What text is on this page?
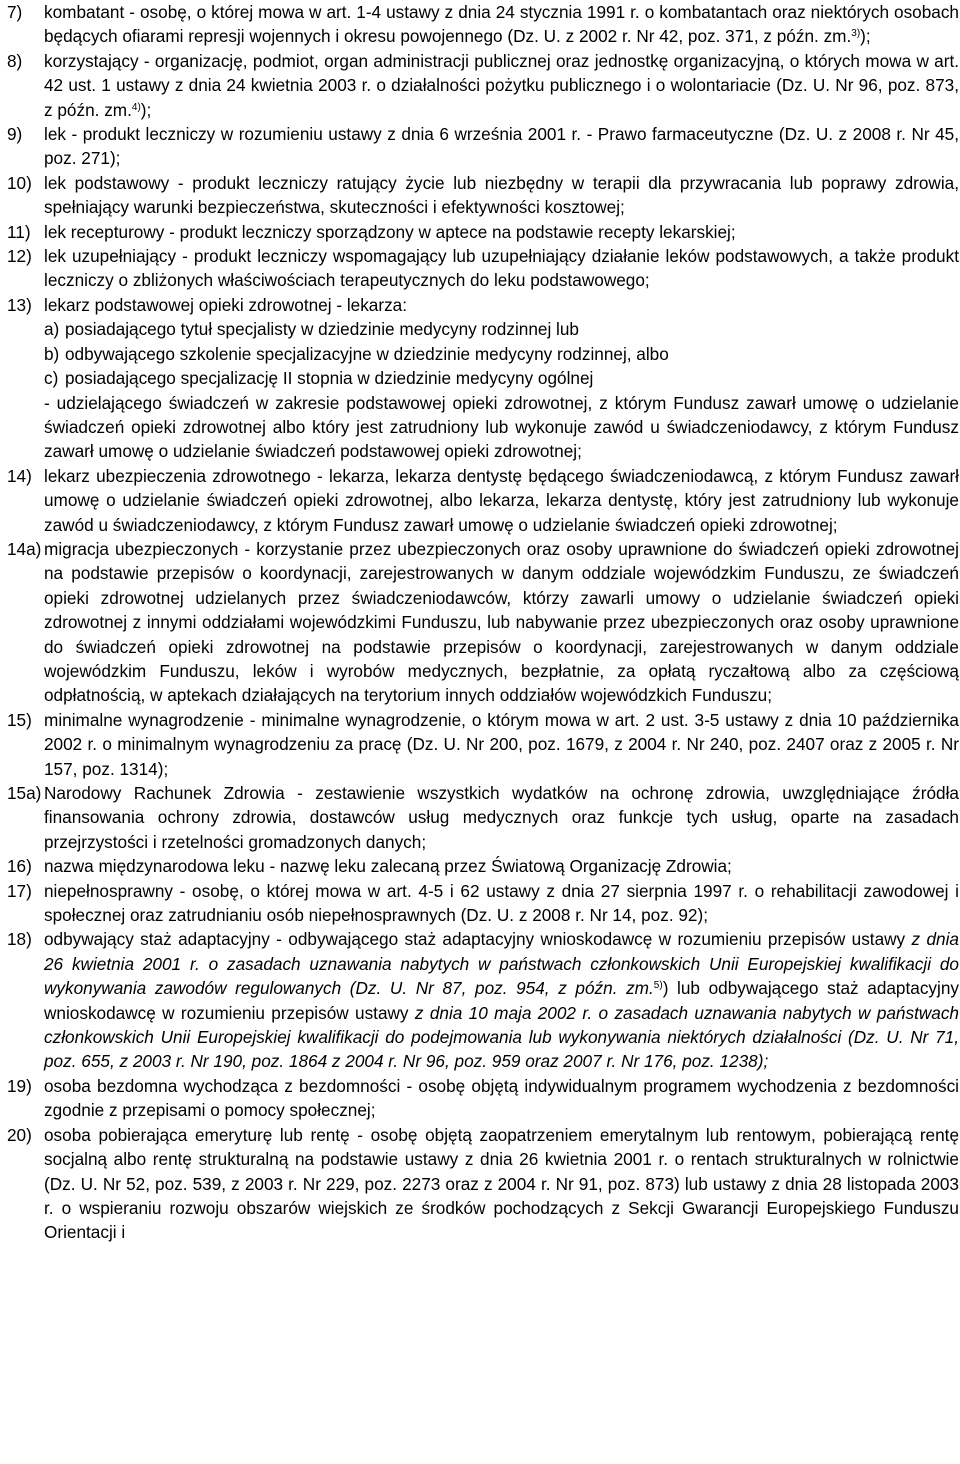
7)	kombatant - osobę, o której mowa w art. 1-4 ustawy z dnia 24 stycznia 1991 r. o kombatantach oraz niektórych osobach będących ofiarami represji wojennych i okresu powojennego (Dz. U. z 2002 r. Nr 42, poz. 371, z późn. zm.$^{3)}$);
8)	korzystający - organizację, podmiot, organ administracji publicznej oraz jednostkę organizacyjną, o których mowa w art. 42 ust. 1 ustawy z dnia 24 kwietnia 2003 r. o działalności pożytku publicznego i o wolontariacie (Dz. U. Nr 96, poz. 873, z późn. zm.$^{4)}$);
9)	lek - produkt leczniczy w rozumieniu ustawy z dnia 6 września 2001 r. - Prawo farmaceutyczne (Dz. U. z 2008 r. Nr 45, poz. 271);
10) lek podstawowy - produkt leczniczy ratujący życie lub niezbędny w terapii dla przywracania lub poprawy zdrowia, spełniający warunki bezpieczeństwa, skuteczności i efektywności kosztowej;
11) lek recepturowy - produkt leczniczy sporządzony w aptece na podstawie recepty lekarskiej;
12) lek uzupełniający - produkt leczniczy wspomagający lub uzupełniający działanie leków podstawowych, a także produkt leczniczy o zbliżonych właściwościach terapeutycznych do leku podstawowego;
13) lekarz podstawowej opieki zdrowotnej - lekarza:
a) posiadającego tytuł specjalisty w dziedzinie medycyny rodzinnej lub
b) odbywającego szkolenie specjalizacyjne w dziedzinie medycyny rodzinnej, albo
c) posiadającego specjalizację II stopnia w dziedzinie medycyny ogólnej
- udzielającego świadczeń w zakresie podstawowej opieki zdrowotnej, z którym Fundusz zawarł umowę o udzielanie świadczeń opieki zdrowotnej albo który jest zatrudniony lub wykonuje zawód u świadczeniodawcy, z którym Fundusz zawarł umowę o udzielanie świadczeń podstawowej opieki zdrowotnej;
14) lekarz ubezpieczenia zdrowotnego - lekarza, lekarza dentystę będącego świadczeniodawcą, z którym Fundusz zawarł umowę o udzielanie świadczeń opieki zdrowotnej, albo lekarza, lekarza dentystę, który jest zatrudniony lub wykonuje zawód u świadczeniodawcy, z którym Fundusz zawarł umowę o udzielanie świadczeń opieki zdrowotnej;
14a) migracja ubezpieczonych - korzystanie przez ubezpieczonych oraz osoby uprawnione do świadczeń opieki zdrowotnej na podstawie przepisów o koordynacji, zarejestrowanych w danym oddziale wojewódzkim Funduszu, ze świadczeń opieki zdrowotnej udzielanych przez świadczeniodawców, którzy zawarli umowy o udzielanie świadczeń opieki zdrowotnej z innymi oddziałami wojewódzkimi Funduszu, lub nabywanie przez ubezpieczonych oraz osoby uprawnione do świadczeń opieki zdrowotnej na podstawie przepisów o koordynacji, zarejestrowanych w danym oddziale wojewódzkim Funduszu, leków i wyrobów medycznych, bezpłatnie, za opłatą ryczałtową albo za częściową odpłatnością, w aptekach działających na terytorium innych oddziałów wojewódzkich Funduszu;
15) minimalne wynagrodzenie - minimalne wynagrodzenie, o którym mowa w art. 2 ust. 3-5 ustawy z dnia 10 października 2002 r. o minimalnym wynagrodzeniu za pracę (Dz. U. Nr 200, poz. 1679, z 2004 r. Nr 240, poz. 2407 oraz z 2005 r. Nr 157, poz. 1314);
15a) Narodowy Rachunek Zdrowia - zestawienie wszystkich wydatków na ochronę zdrowia, uwzględniające źródła finansowania ochrony zdrowia, dostawców usług medycznych oraz funkcje tych usług, oparte na zasadach przejrzystości i rzetelności gromadzonych danych;
16) nazwa międzynarodowa leku - nazwę leku zalecaną przez Światową Organizację Zdrowia;
17) niepełnosprawny - osobę, o której mowa w art. 4-5 i 62 ustawy z dnia 27 sierpnia 1997 r. o rehabilitacji zawodowej i społecznej oraz zatrudnianiu osób niepełnosprawnych (Dz. U. z 2008 r. Nr 14, poz. 92);
18) odbywający staż adaptacyjny - odbywającego staż adaptacyjny wnioskodawcę w rozumieniu przepisów ustawy z dnia 26 kwietnia 2001 r. o zasadach uznawania nabytych w państwach członkowskich Unii Europejskiej kwalifikacji do wykonywania zawodów regulowanych (Dz. U. Nr 87, poz. 954, z późn. zm.$^{5)}$) lub odbywającego staż adaptacyjny wnioskodawcę w rozumieniu przepisów ustawy z dnia 10 maja 2002 r. o zasadach uznawania nabytych w państwach członkowskich Unii Europejskiej kwalifikacji do podejmowania lub wykonywania niektórych działalności (Dz. U. Nr 71, poz. 655, z 2003 r. Nr 190, poz. 1864 z 2004 r. Nr 96, poz. 959 oraz 2007 r. Nr 176, poz. 1238);
19) osoba bezdomna wychodząca z bezdomności - osobę objętą indywidualnym programem wychodzenia z bezdomności zgodnie z przepisami o pomocy społecznej;
20) osoba pobierająca emeryturę lub rentę - osobę objętą zaopatrzeniem emerytalnym lub rentowym, pobierającą rentę socjalną albo rentę strukturalną na podstawie ustawy z dnia 26 kwietnia 2001 r. o rentach strukturalnych w rolnictwie (Dz. U. Nr 52, poz. 539, z 2003 r. Nr 229, poz. 2273 oraz z 2004 r. Nr 91, poz. 873) lub ustawy z dnia 28 listopada 2003 r. o wspieraniu rozwoju obszarów wiejskich ze środków pochodzących z Sekcji Gwarancji Europejskiego Funduszu Orientacji i
